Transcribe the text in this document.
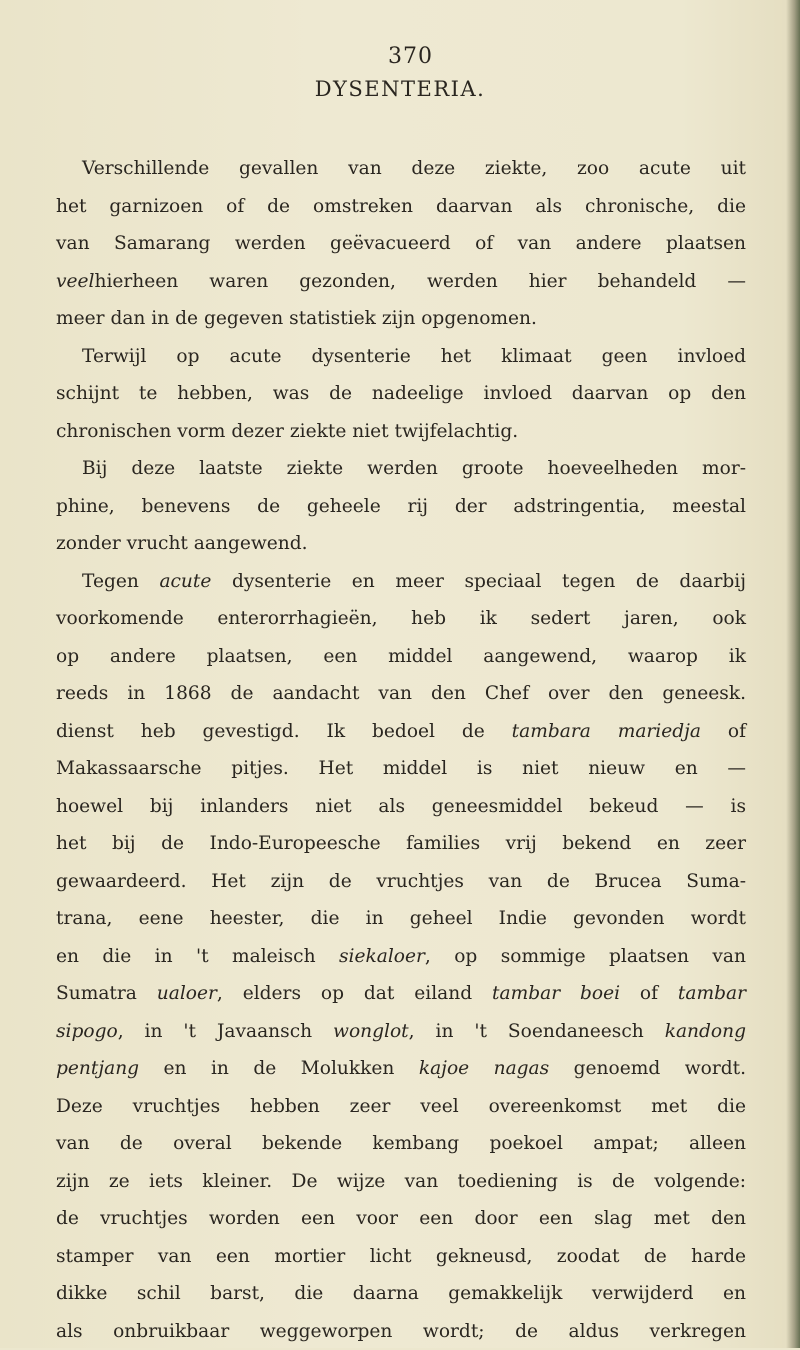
370
DYSENTERIA.
Verschillende gevallen van deze ziekte, zoo acute uit
het garnizoen of de omstreken daarvan als chronische, die
van Samarang werden geëvacueerd of van andere plaatsen
veelhierheen waren gezonden, werden hier behandeld —
meer dan in de gegeven statistiek zijn opgenomen.
Terwijl op acute dysenterie het klimaat geen invloed
schijnt te hebben, was de nadeelige invloed daarvan op den
chronischen vorm dezer ziekte niet twijfelachtig.
Bij deze laatste ziekte werden groote hoeveelheden mor-
phine, benevens de geheele rij der adstringentia, meestal
zonder vrucht aangewend.
Tegen acute dysenterie en meer speciaal tegen de daarbij
voorkomende enterorrhagieën, heb ik sedert jaren, ook
op andere plaatsen, een middel aangewend, waarop ik
reeds in 1868 de aandacht van den Chef over den geneesk.
dienst heb gevestigd. Ik bedoel de tambara mariedja of
Makassaarsche pitjes. Het middel is niet nieuw en —
hoewel bij inlanders niet als geneesmiddel bekeud — is
het bij de Indo-Europeesche families vrij bekend en zeer
gewaardeerd. Het zijn de vruchtjes van de Brucea Suma-
trana, eene heester, die in geheel Indie gevonden wordt
en die in 't maleisch siekaloer, op sommige plaatsen van
Sumatra ualoer, elders op dat eiland tambar boei of tambar
sipogo, in 't Javaansch wonglot, in 't Soendaneesch kandong
pentjang en in de Molukken kajoe nagas genoemd wordt.
Deze vruchtjes hebben zeer veel overeenkomst met die
van de overal bekende kembang poekoel ampat; alleen
zijn ze iets kleiner. De wijze van toediening is de volgende:
de vruchtjes worden een voor een door een slag met den
stamper van een mortier licht gekneusd, zoodat de harde
dikke schil barst, die daarna gemakkelijk verwijderd en
als onbruikbaar weggeworpen wordt; de aldus verkregen
